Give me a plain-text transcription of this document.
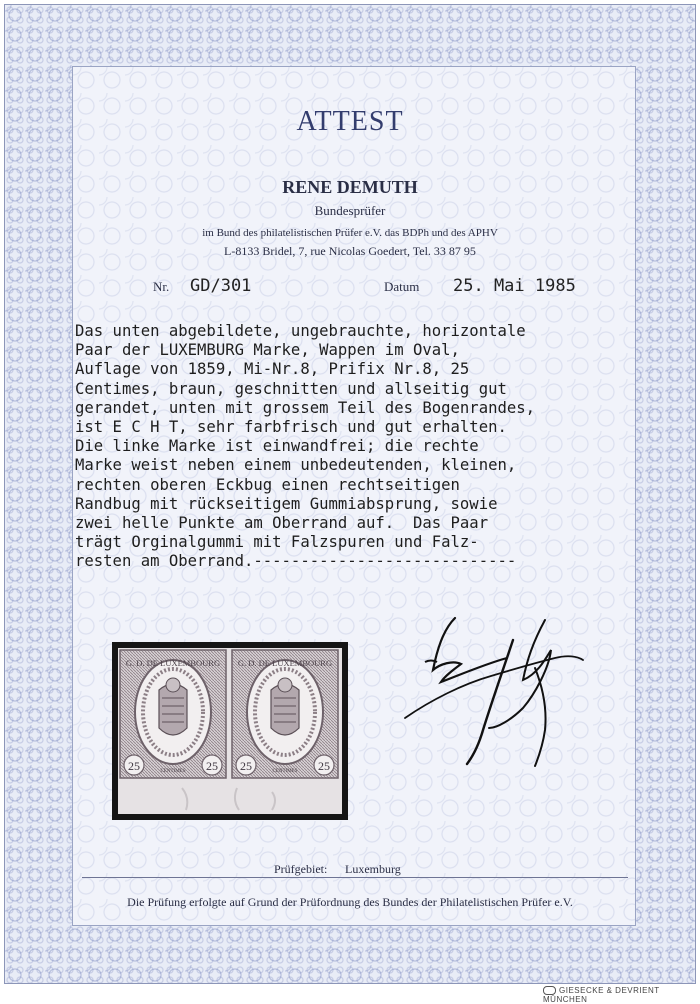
ATTEST
RENE DEMUTH
Bundesprüfer
im Bund des philatelistischen Prüfer e.V. das BDPh und des APHV
L-8133 Bridel, 7, rue Nicolas Goedert, Tel. 33 87 95
Nr. GD/301	Datum 25. Mai 1985
Das unten abgebildete, ungebrauchte, horizontale
Paar der LUXEMBURG Marke, Wappen im Oval,
Auflage von 1859, Mi-Nr.8, Prifix Nr.8, 25
Centimes, braun, geschnitten und allseitig gut
gerandet, unten mit grossem Teil des Bogenrandes,
ist E C H T, sehr farbfrisch und gut erhalten.
Die linke Marke ist einwandfrei; die rechte
Marke weist neben einem unbedeutenden, kleinen,
rechten oberen Eckbug einen rechtseitigen
Randbug mit rückseitigem Gummiabsprung, sowie
zwei helle Punkte am Oberrand auf.  Das Paar
trägt Orginalgummi mit Falzspuren und Falz-
resten am Oberrand.----------------------------
G. D. DE LUXEMBOURG G. D. DE LUXEMBOURG
25	25 25	25
CENTIMES	CENTIMES
Prüfgebiet: Luxemburg
Die Prüfung erfolgte auf Grund der Prüfordnung des Bundes der Philatelistischen Prüfer e.V.
GIESECKE & DEVRIENT MÜNCHEN
